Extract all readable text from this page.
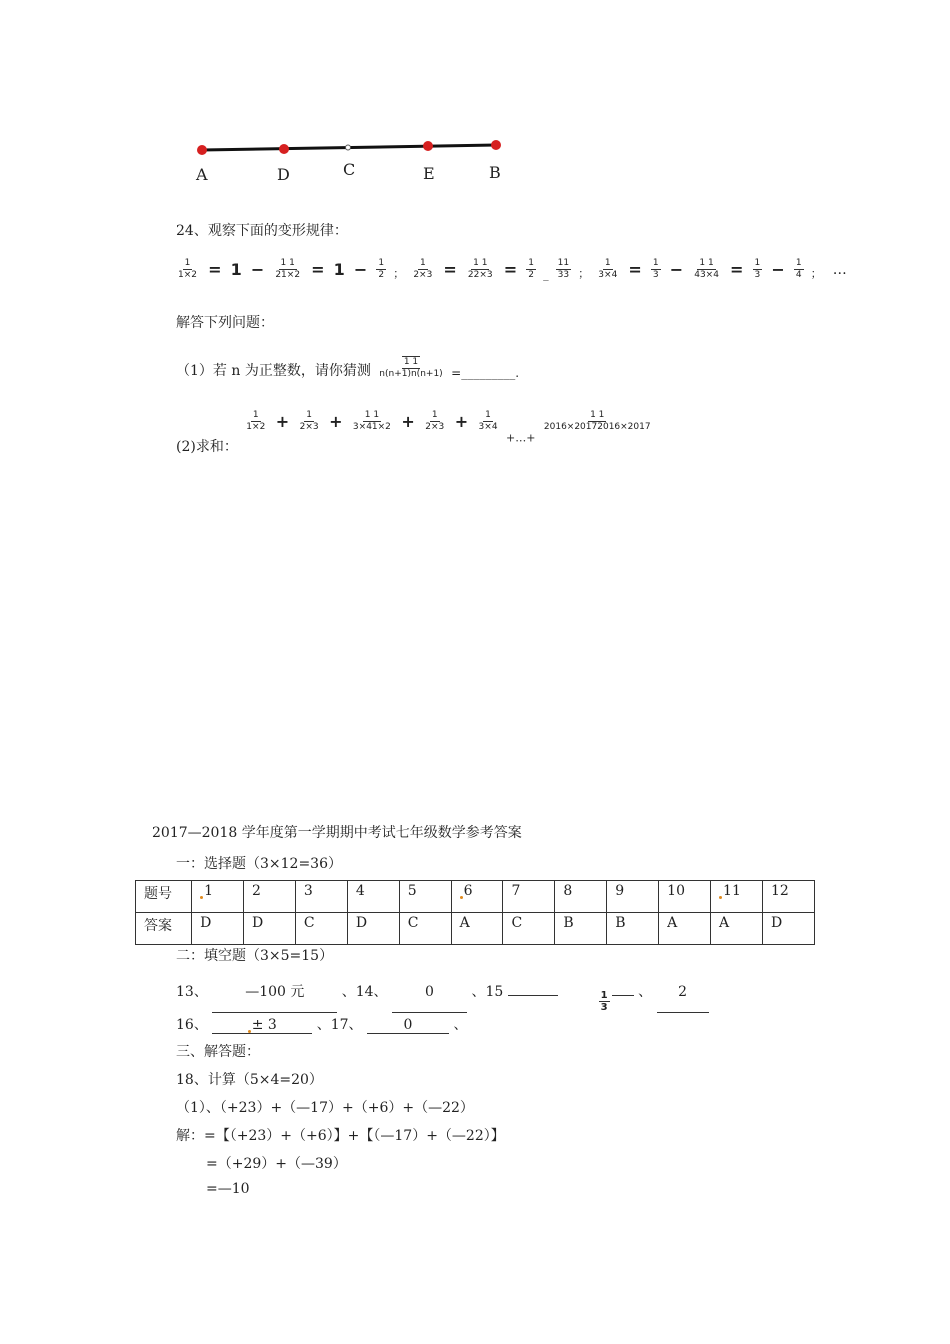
A	D	C	E	B
24、观察下面的变形规律：
$\frac{1}{1\times 2} = 1 - \frac{1 1}{21\times 2} = 1 - \frac{1}{2}$ ； $\frac{1}{2\times 3} = \frac{1 1}{22\times 3} = \frac{1}{2}$ _ $\frac{11}{33}$ ； $\frac{1}{3\times 4} = \frac{1}{3} - \frac{1 1}{43\times 4} = \frac{1}{3} - \frac{1}{4}$ ； …
解答下列问题：
（1）若 n 为正整数，请你猜测 $\frac{1 1}{n(n+1)n(n+1)}$ =_________.
(2)求和：
$\frac{1}{1\times 2} + \frac{1}{2\times 3} + \frac{1 1}{3\times 41\times 2} + \frac{1}{2\times 3} + \frac{1}{3\times 4}$
$_{+\dots+}$
$\frac{1 1}{2016\times 20172016\times 2017}$
2017—2018 学年度第一学期期中考试七年级数学参考答案
一：选择题（3×12=36）
题号	1	2	3	4	5	6	7	8	9	10	11	12
答案	D	D	C	D	C	A	C	B	B	A	A	D
二：填空题（3×5=15）
13、	—100 元	、14、	0	、15	$\frac{1}{3}$ 、 2
16、	± 3	、17、	0	、
三、解答题：
18、计算（5×4=20）
（1）、（+23）+（—17）+（+6）+（—22）
解：=【（+23）+（+6）】+【（—17）+（—22）】
=（+29）+（—39）
=—10
